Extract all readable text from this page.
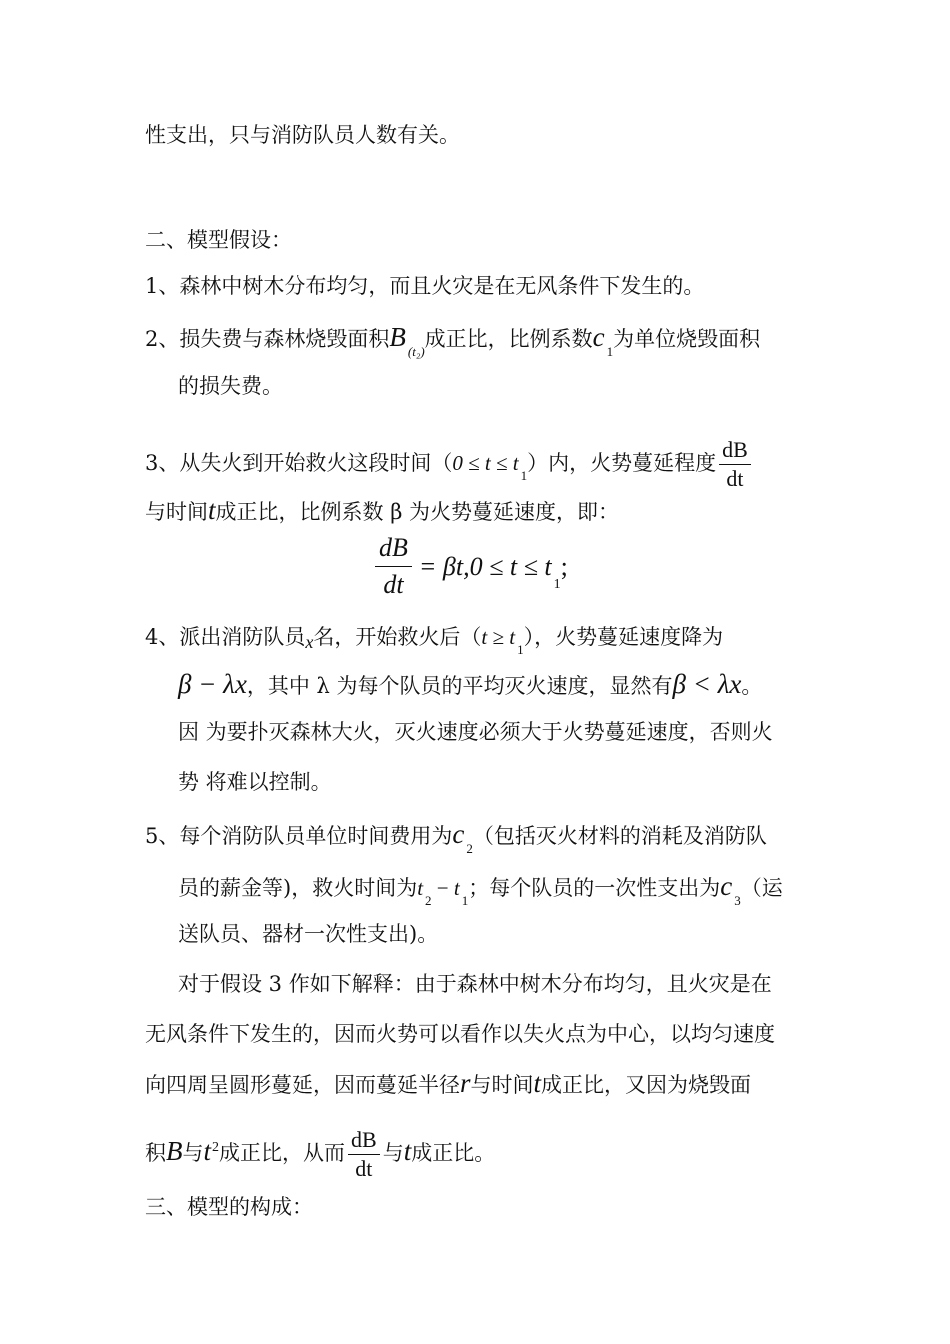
性支出，只与消防队员人数有关。
二、模型假设：
1、森林中树木分布均匀，而且火灾是在无风条件下发生的。
2、损失费与森林烧毁面积B $_{(t_2)}$成正比，比例系数c $_1$为单位烧毁面积
的损失费。
3、从失火到开始救火这段时间$(0 \le t \le t_1)$内，火势蔓延程度 $\frac{dB}{dt}$
与时间t成正比，比例系数 β 为火势蔓延速度，即：
$\frac{dB}{dt} = \beta t,0 \le t \le t$
1
;
4、派出消防队员x名，开始救火后$(t \ge t_1)$，火势蔓延速度降为
β − λx，其中 λ 为每个队员的平均灭火速度，显然有β < λx。
因 为要扑灭森林大火，灭火速度必须大于火势蔓延速度，否则火
势 将难以控制。
5、每个消防队员单位时间费用为c $_2$（包括灭火材料的消耗及消防队
员的薪金等)，救火时间为$t_2 - t_1$；每个队员的一次性支出为c $_3$（运
送队员、器材一次性支出)。
对于假设 3 作如下解释：由于森林中树木分布均匀，且火灾是在
无风条件下发生的，因而火势可以看作以失火点为中心，以均匀速度
向四周呈圆形蔓延，因而蔓延半径r与时间t成正比，又因为烧毁面
积B与$t^2$成正比，从而 $\frac{dB}{dt}$ 与t成正比。
三、模型的构成：
